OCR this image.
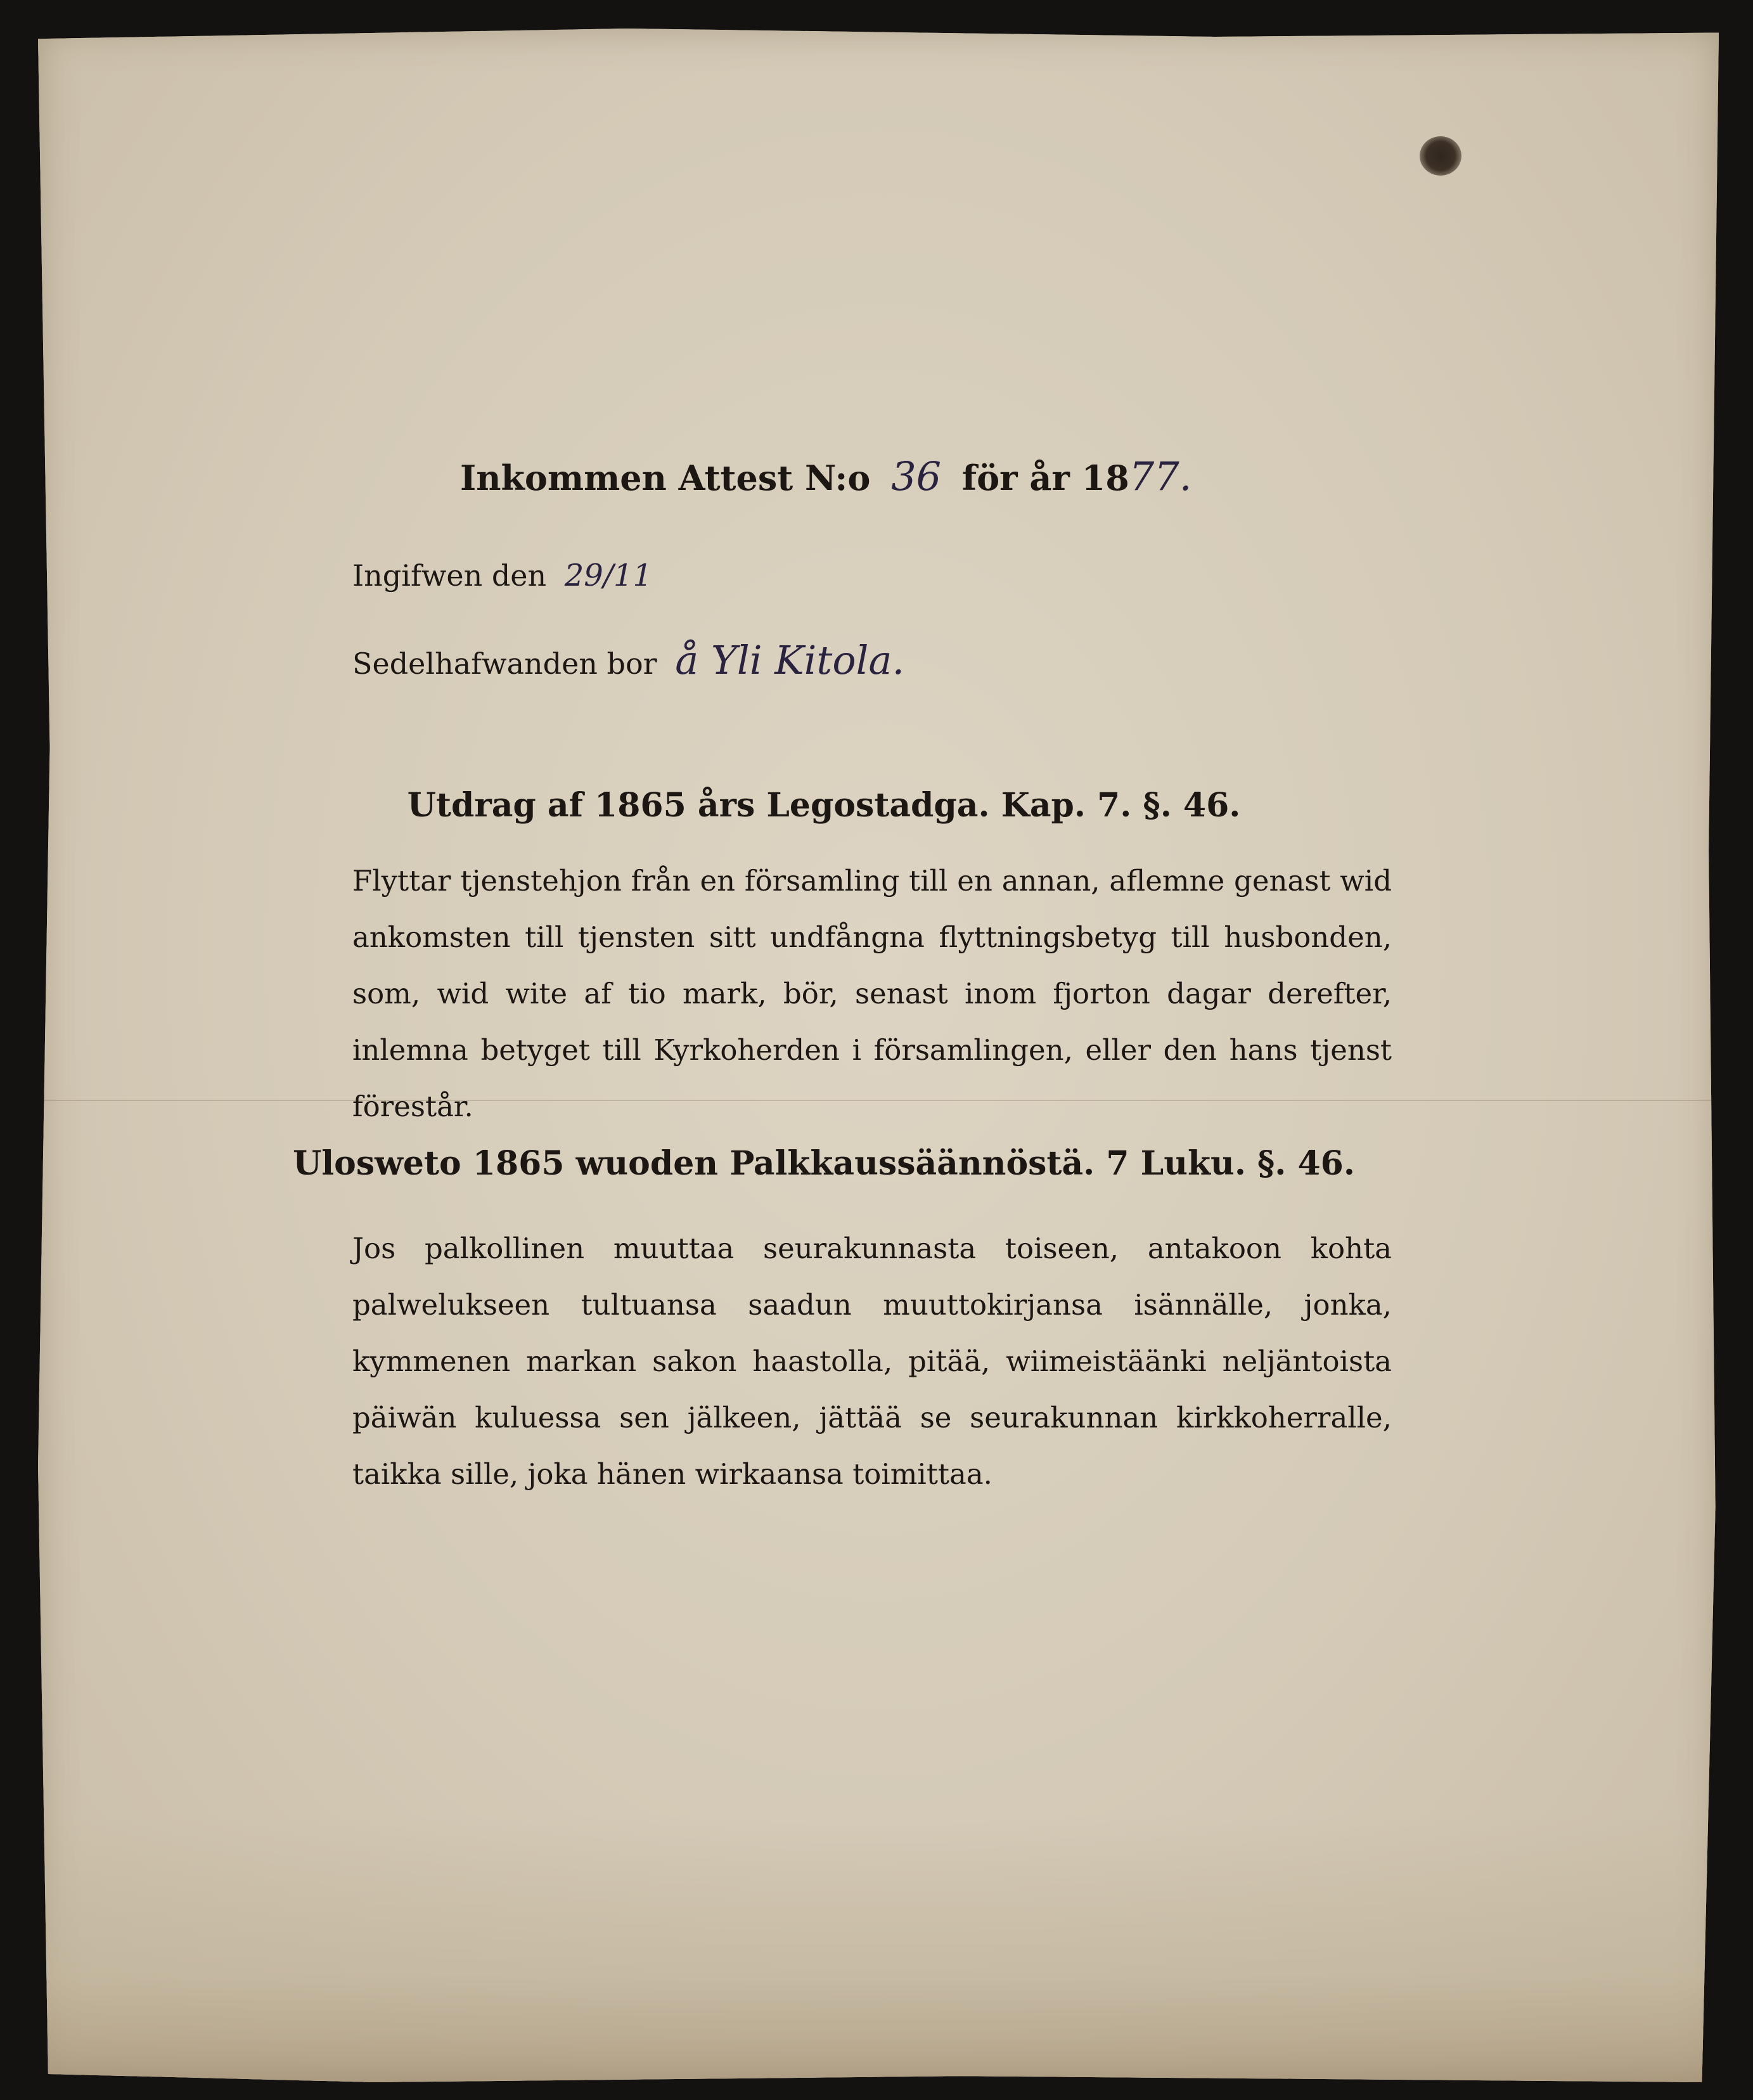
Inkommen Attest N:o 36 för år 1877.
Ingifwen den 29/11
Sedelhafwanden bor å Yli Kitola.
Utdrag af 1865 års Legostadga. Kap. 7. §. 46.
Flyttar tjenstehjon från en församling till en annan, aflemne genast wid ankomsten till tjensten sitt undfångna flyttningsbetyg till husbonden, som, wid wite af tio mark, bör, senast inom fjorton dagar derefter, inlemna betyget till Kyrkoherden i församlingen, eller den hans tjenst förestår.
Ulosweto 1865 wuoden Palkkaussäännöstä. 7 Luku. §. 46.
Jos palkollinen muuttaa seurakunnasta toiseen, antakoon kohta palwelukseen tultuansa saadun muuttokirjansa isännälle, jonka, kymmenen markan sakon haastolla, pitää, wiimeistäänki neljäntoista päiwän kuluessa sen jälkeen, jättää se seurakunnan kirkkoherralle, taikka sille, joka hänen wirkaansa toimittaa.
